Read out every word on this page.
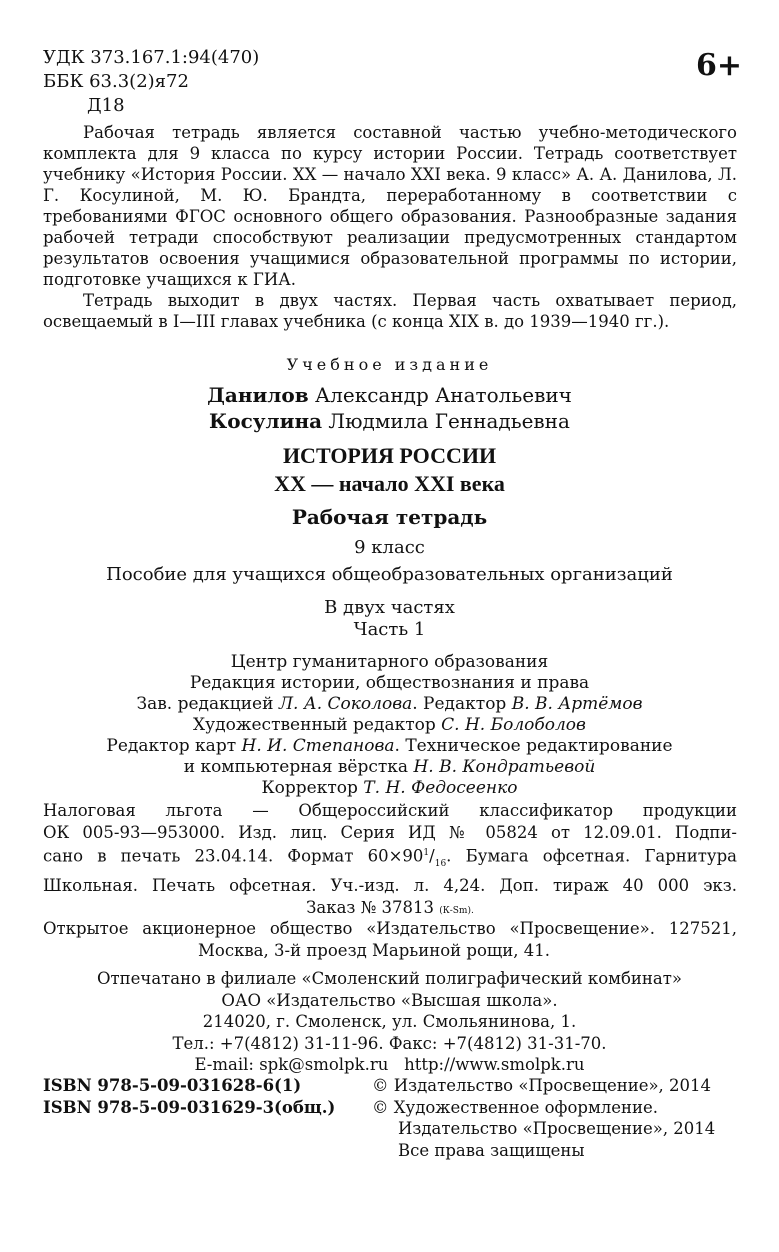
УДК 373.167.1:94(470)
ББК 63.3(2)я72
Д18
6+

Рабочая тетрадь является составной частью учебно-методического комплекта для 9 класса по курсу истории России. Тетрадь соответствует учебнику «История России. XX — начало XXI века. 9 класс» А. А. Данилова, Л. Г. Косулиной, М. Ю. Брандта, переработанному в соответствии с требованиями ФГОС основного общего образования. Разнообразные задания рабочей тетради способствуют реализации предусмотренных стандартом результатов освоения учащимися образовательной программы по истории, подготовке учащихся к ГИА.

Тетрадь выходит в двух частях. Первая часть охватывает период, освещаемый в I—III главах учебника (с конца XIX в. до 1939—1940 гг.).

Учебное издание
Данилов Александр Анатольевич
Косулина Людмила Геннадьевна
ИСТОРИЯ РОССИИ
XX — начало XXI века
Рабочая тетрадь
9 класс
Пособие для учащихся общеобразовательных организаций
В двух частях
Часть 1
Центр гуманитарного образования
Редакция истории, обществознания и права
Зав. редакцией Л. А. Соколова. Редактор В. В. Артёмов
Художественный редактор С. Н. Болоболов
Редактор карт Н. И. Степанова. Техническое редактирование
и компьютерная вёрстка Н. В. Кондратьевой
Корректор Т. Н. Федосеенко

Налоговая льгота — Общероссийский классификатор продукции

ОК 005-93—953000. Изд. лиц. Серия ИД № 05824 от 12.09.01. Подпи-

сано в печать 23.04.14. Формат $60\times 90^1/_{16}$. Бумага офсетная. Гарнитура

Школьная. Печать офсетная. Уч.-изд. л. 4,24. Доп. тираж 40 000 экз.

Заказ № 37813 (К-Sm).

Открытое акционерное общество «Издательство «Просвещение». 127521,

Москва, 3-й проезд Марьиной рощи, 41.

Отпечатано в филиале «Смоленский полиграфический комбинат»

ОАО «Издательство «Высшая школа».

214020, г. Смоленск, ул. Смольянинова, 1.

Тел.: +7(4812) 31-11-96. Факс: +7(4812) 31-31-70.

E-mail: spk@smolpk.ru   http://www.smolpk.ru

ISBN 978-5-09-031628-6(1)
ISBN 978-5-09-031629-3(общ.)

© Издательство «Просвещение», 2014

© Художественное оформление.

Издательство «Просвещение», 2014

Все права защищены
